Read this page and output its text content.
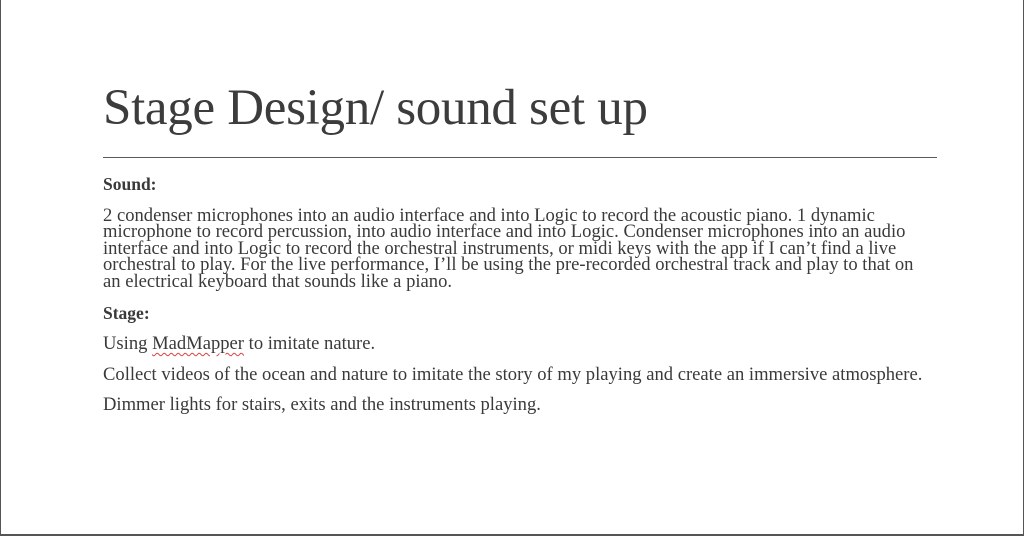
Stage Design/ sound set up

Sound:

2 condenser microphones into an audio interface and into Logic to record the acoustic piano. 1 dynamic microphone to record percussion, into audio interface and into Logic. Condenser microphones into an audio interface and into Logic to record the orchestral instruments, or midi keys with the app if I can’t find a live orchestral to play. For the live performance, I’ll be using the pre-recorded orchestral track and play to that on an electrical keyboard that sounds like a piano.

Stage:

Using MadMapper to imitate nature.

Collect videos of the ocean and nature to imitate the story of my playing and create an immersive atmosphere.

Dimmer lights for stairs, exits and the instruments playing.
